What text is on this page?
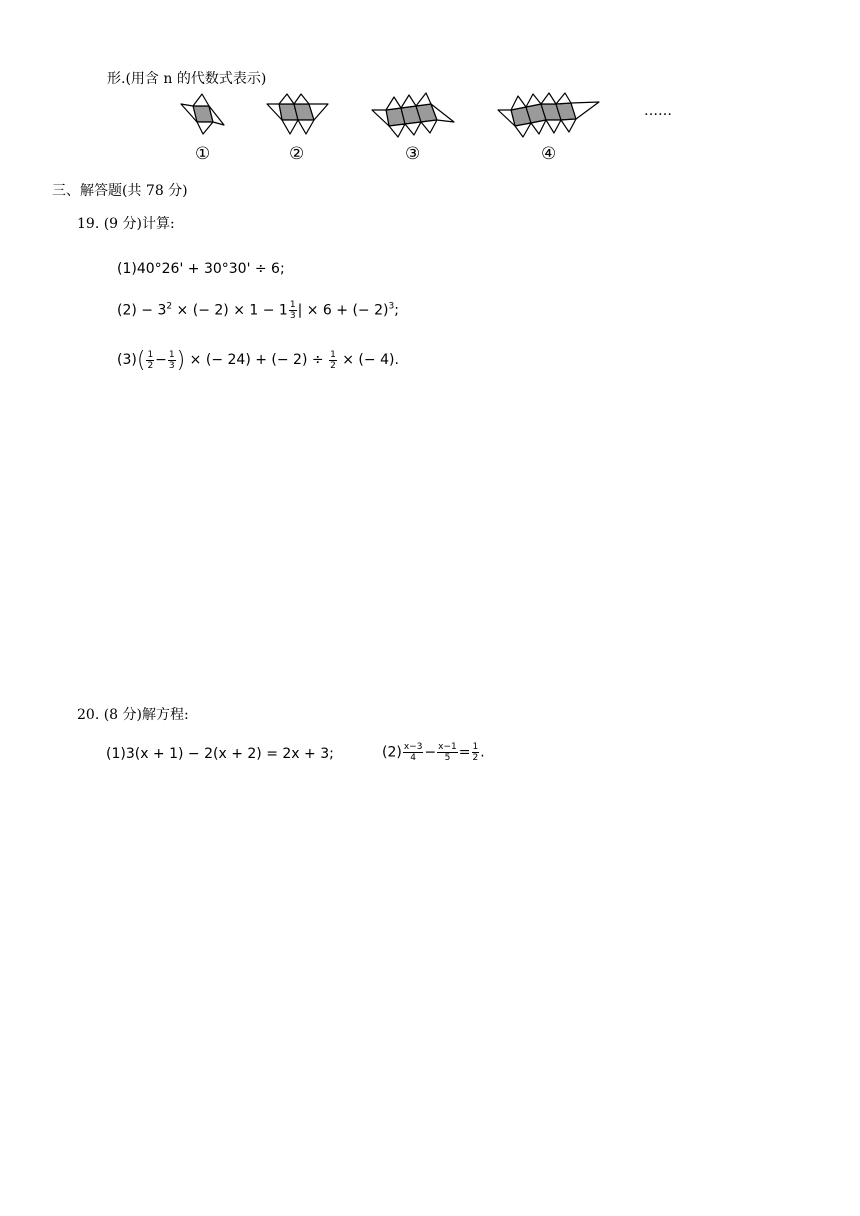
形.(用含 n 的代数式表示)
①	②	③	④
……
三、解答题(共 78 分)
19. (9 分)计算:
(1)40°26' + 30°30' ÷ 6;
$(2) - 3^2$ × (− $2) \times 1 - 1 \frac{1}{3}$ | × 6 + (− 2)$^3$;
$(3)( \frac{1}{2} - \frac{1}{3}$ ) × (− 24) + (− $2) \div \frac{1}{2}$ × (− 4).
20. (8 分)解方程:
(1)3(x + 1) − 2(x + 2) = 2x + 3;	$(2) \frac{x-3}{4} - \frac{x-1}{5} = \frac{1}{2}$ .
